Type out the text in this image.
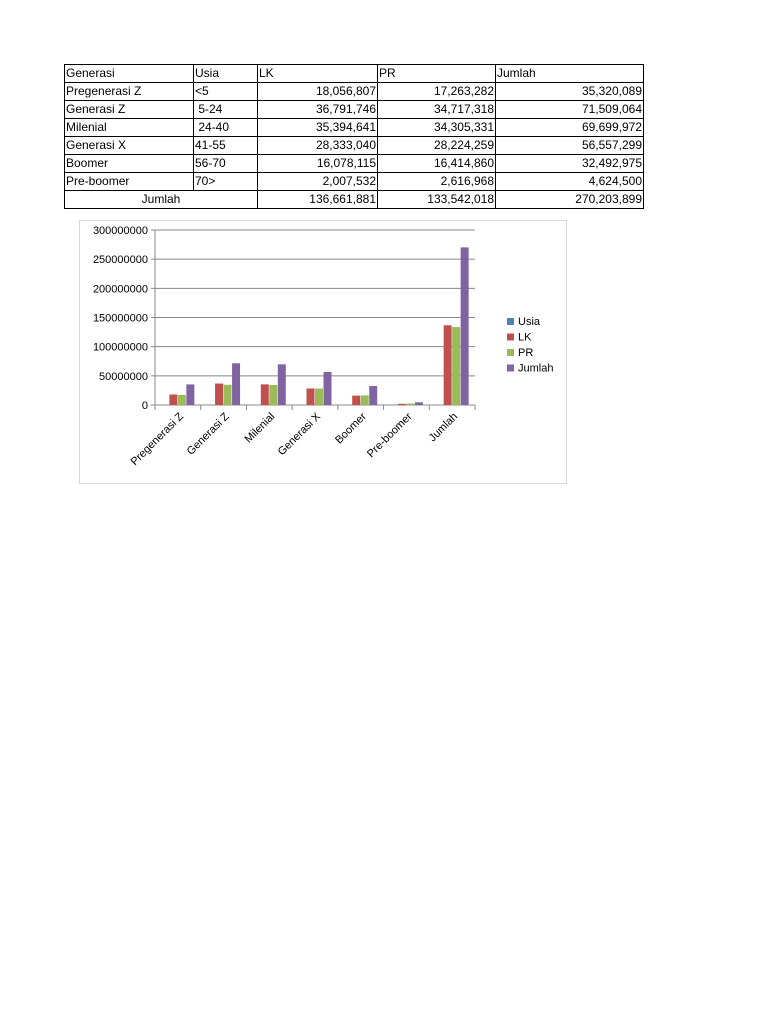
Generasi	Usia	LK	PR	Jumlah
Pregenerasi Z	<5	18,056,807	17,263,282	35,320,089
Generasi Z	5-24	36,791,746	34,717,318	71,509,064
Milenial	24-40	35,394,641	34,305,331	69,699,972
Generasi X	41-55	28,333,040	28,224,259	56,557,299
Boomer	56-70	16,078,115	16,414,860	32,492,975
Pre-boomer	70>	2,007,532	2,616,968	4,624,500
Jumlah		136,661,881	133,542,018	270,203,899
0
50000000
100000000
150000000
200000000
250000000
300000000
Pregenerasi Z
Generasi Z Milenial
Generasi X Boomer
Pre-boomer Jumlah
Usia
LK
PR
Jumlah
